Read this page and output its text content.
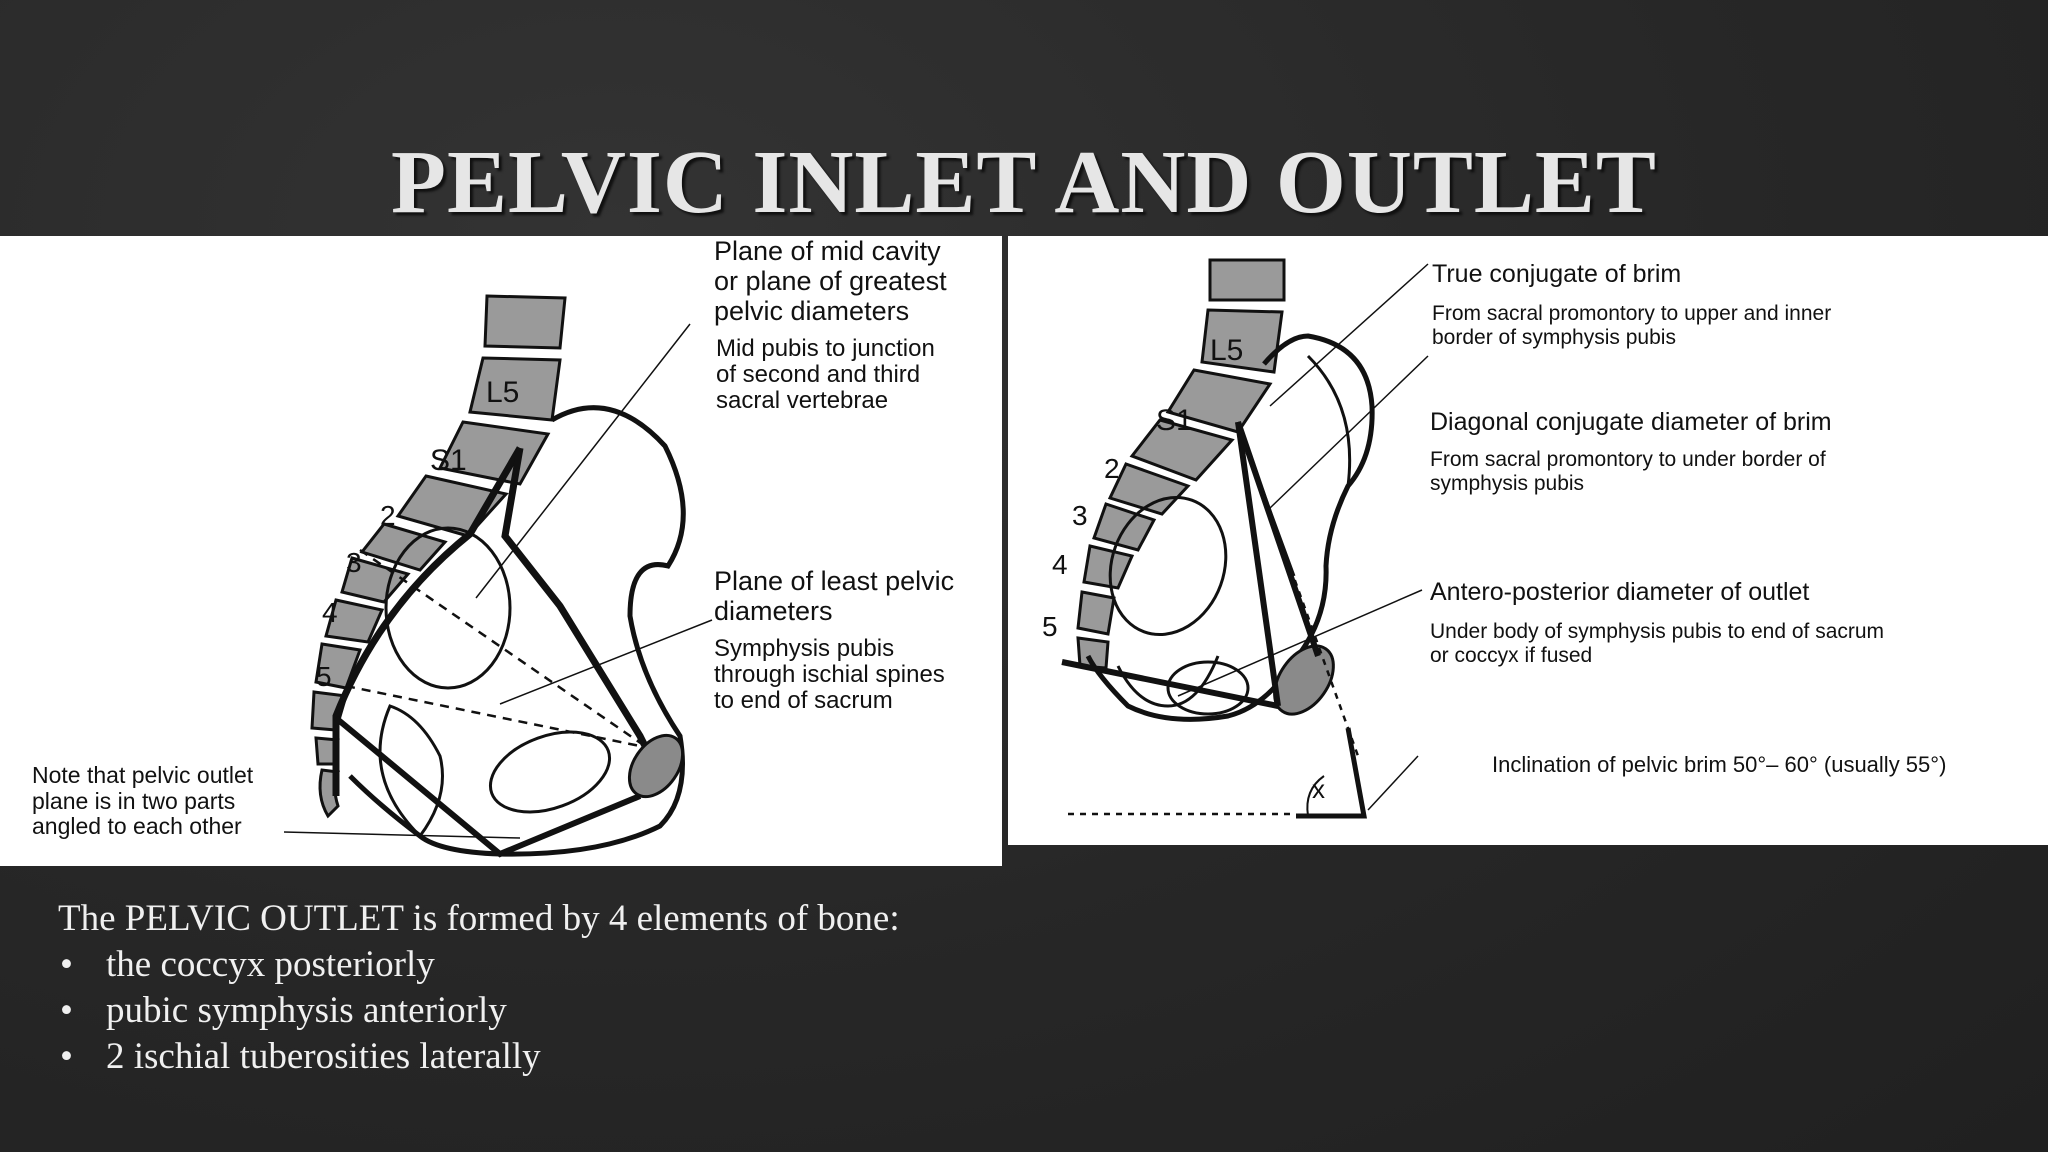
PELVIC INLET AND OUTLET
L5
S1
2
3
4
5
Plane of mid cavity or plane of greatest pelvic diameters
Mid pubis to junction of second and third sacral vertebrae
Plane of least pelvic diameters
Symphysis pubis through ischial spines to end of sacrum
Note that pelvic outlet plane is in two parts angled to each other
x
L5
S1
2
3
4
5
True conjugate of brim
From sacral promontory to upper and inner border of symphysis pubis
Diagonal conjugate diameter of brim
From sacral promontory to under border of symphysis pubis
Antero-posterior diameter of outlet
Under body of symphysis pubis to end of sacrum or coccyx if fused
Inclination of pelvic brim 50°– 60° (usually 55°)
The PELVIC OUTLET is formed by 4 elements of bone:
• the coccyx posteriorly
• pubic symphysis anteriorly
• 2 ischial tuberosities laterally
